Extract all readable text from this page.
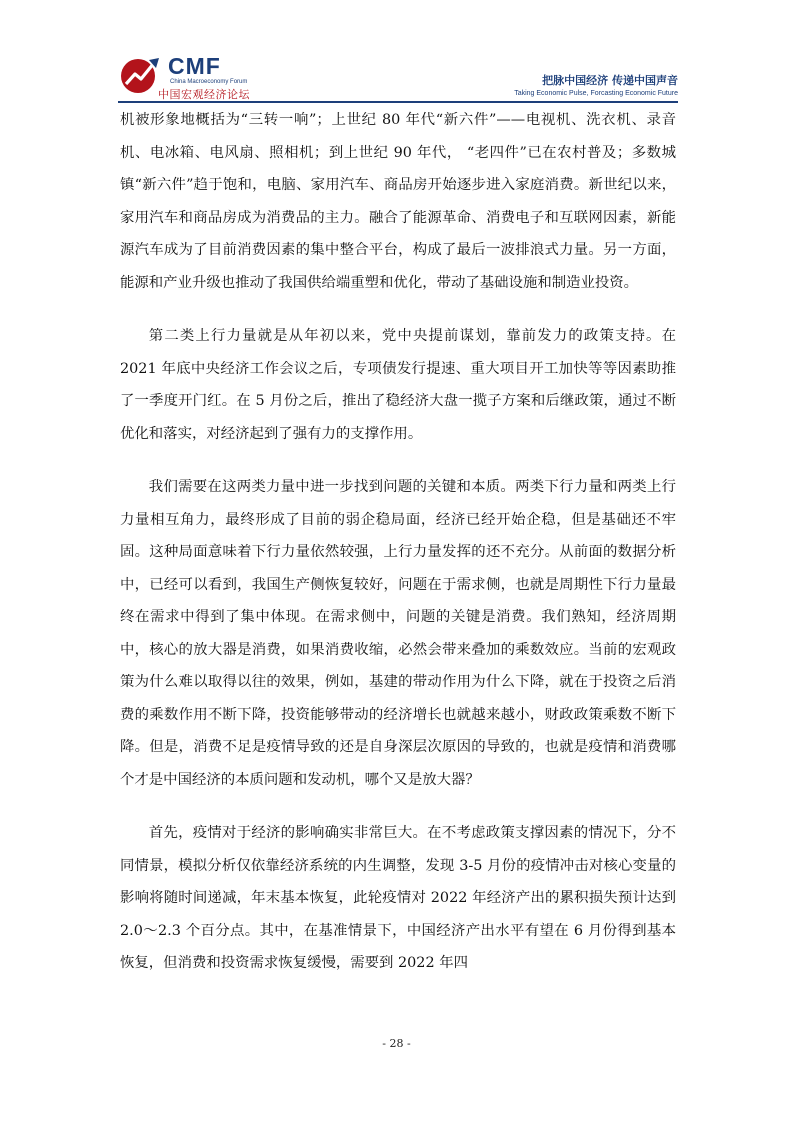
CMF
China Macroeconomy Forum
中国宏观经济论坛
把脉中国经济 传递中国声音
Taking Economic Pulse, Forcasting Economic Future

机被形象地概括为“三转一响”；上世纪 80 年代“新六件”——电视机、洗衣机、录音机、电冰箱、电风扇、照相机；到上世纪 90 年代， “老四件”已在农村普及；多数城镇“新六件”趋于饱和，电脑、家用汽车、商品房开始逐步进入家庭消费。新世纪以来，家用汽车和商品房成为消费品的主力。融合了能源革命、消费电子和互联网因素，新能源汽车成为了目前消费因素的集中整合平台，构成了最后一波排浪式力量。另一方面，能源和产业升级也推动了我国供给端重塑和优化，带动了基础设施和制造业投资。

第二类上行力量就是从年初以来，党中央提前谋划，靠前发力的政策支持。在 2021 年底中央经济工作会议之后，专项债发行提速、重大项目开工加快等等因素助推了一季度开门红。在 5 月份之后，推出了稳经济大盘一揽子方案和后继政策，通过不断优化和落实，对经济起到了强有力的支撑作用。

我们需要在这两类力量中进一步找到问题的关键和本质。两类下行力量和两类上行力量相互角力，最终形成了目前的弱企稳局面，经济已经开始企稳，但是基础还不牢固。这种局面意味着下行力量依然较强，上行力量发挥的还不充分。从前面的数据分析中，已经可以看到，我国生产侧恢复较好，问题在于需求侧，也就是周期性下行力量最终在需求中得到了集中体现。在需求侧中，问题的关键是消费。我们熟知，经济周期中，核心的放大器是消费，如果消费收缩，必然会带来叠加的乘数效应。当前的宏观政策为什么难以取得以往的效果，例如，基建的带动作用为什么下降，就在于投资之后消费的乘数作用不断下降，投资能够带动的经济增长也就越来越小，财政政策乘数不断下降。但是，消费不足是疫情导致的还是自身深层次原因的导致的，也就是疫情和消费哪个才是中国经济的本质问题和发动机，哪个又是放大器？

首先，疫情对于经济的影响确实非常巨大。在不考虑政策支撑因素的情况下，分不同情景，模拟分析仅依靠经济系统的内生调整，发现 3-5 月份的疫情冲击对核心变量的影响将随时间递减，年末基本恢复，此轮疫情对 2022 年经济产出的累积损失预计达到 2.0～2.3 个百分点。其中，在基准情景下，中国经济产出水平有望在 6 月份得到基本恢复，但消费和投资需求恢复缓慢，需要到 2022 年四

- 28 -
